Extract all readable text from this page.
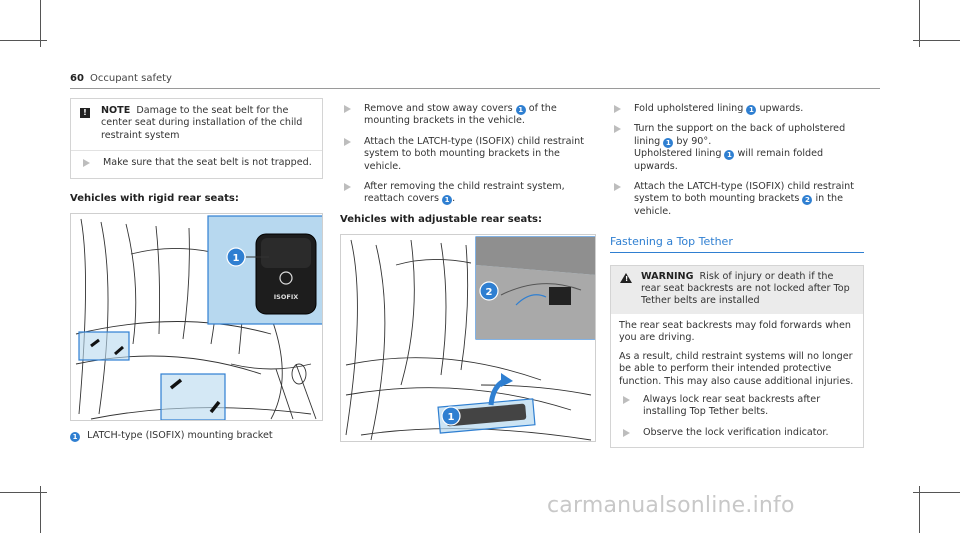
60 Occupant safety
!	NOTE Damage to the seat belt for the center seat during installation of the child restraint system
Make sure that the seat belt is not trapped.
Vehicles with rigid rear seats:
ISOFIX
1
1 LATCH-type (ISOFIX) mounting bracket
Remove and stow away covers 1 of the mounting brackets in the vehicle.
Attach the LATCH-type (ISOFIX) child restraint system to both mounting brackets in the vehicle.
After removing the child restraint system, reattach covers 1 .
Vehicles with adjustable rear seats:
2
1
Fold upholstered lining 1 upwards.
Turn the support on the back of upholstered lining 1 by 90°.
Upholstered lining 1 will remain folded upwards.
Attach the LATCH-type (ISOFIX) child restraint system to both mounting brackets 2 in the vehicle.
Fastening a Top Tether
! WARNING Risk of injury or death if the rear seat backrests are not locked after Top Tether belts are installed

The rear seat backrests may fold forwards when you are driving.

As a result, child restraint systems will no longer be able to perform their intended protective function. This may also cause additional injuries.

Always lock rear seat backrests after installing Top Tether belts.
Observe the lock verification indicator.
carmanualsonline.info
